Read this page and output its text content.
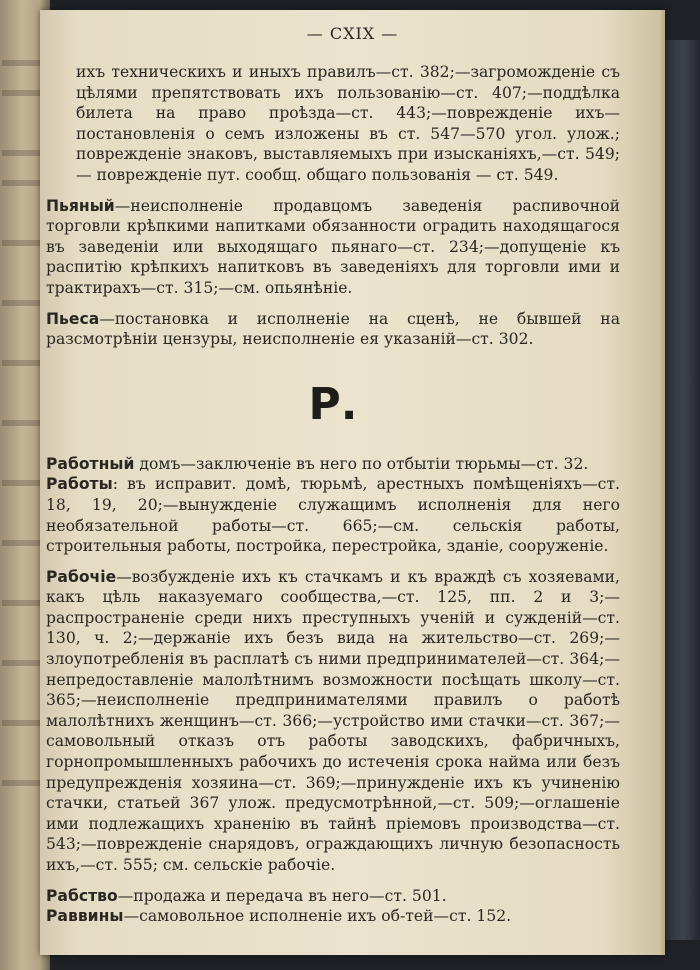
— CXIX —

ихъ техническихъ и иныхъ правилъ—ст. 382;—загроможденіе съ цѣлями препятствовать ихъ пользованію—ст. 407;—поддѣлка билета на право проѣзда—ст. 443;—поврежденіе ихъ—постановленія о семъ изложены въ ст. 547—570 угол. улож.; поврежденіе знаковъ, выставляемыхъ при изысканіяхъ,—ст. 549; — поврежденіе пут. сообщ. общаго пользованія — ст. 549.

Пьяный—неисполненіе продавцомъ заведенія распивочной торговли крѣпкими напитками обязанности оградить находящагося въ заведеніи или выходящаго пьянаго—ст. 234;—допущеніе къ распитію крѣпкихъ напитковъ въ заведеніяхъ для торговли ими и трактирахъ—ст. 315;—см. опьянѣніе.

Пьеса—постановка и исполненіе на сценѣ, не бывшей на разсмотрѣніи цензуры, неисполненіе ея указаній—ст. 302.

Р.

Работный домъ—заключеніе въ него по отбытіи тюрьмы—ст. 32.

Работы: въ исправит. домѣ, тюрьмѣ, арестныхъ помѣщеніяхъ—ст. 18, 19, 20;—вынужденіе служащимъ исполненія для него необязательной работы—ст. 665;—см. сельскія работы, строительныя работы, постройка, перестройка, зданіе, сооруженіе.

Рабочіе—возбужденіе ихъ къ стачкамъ и къ враждѣ съ хозяевами, какъ цѣль наказуемаго сообщества,—ст. 125, пп. 2 и 3;—распространеніе среди нихъ преступныхъ ученій и сужденій—ст. 130, ч. 2;—держаніе ихъ безъ вида на жительство—ст. 269;—злоупотребленія въ расплатѣ съ ними предпринимателей—ст. 364;—непредоставленіе малолѣтнимъ возможности посѣщать школу—ст. 365;—неисполненіе предпринимателями правилъ о работѣ малолѣтнихъ женщинъ—ст. 366;—устройство ими стачки—ст. 367;—самовольный отказъ отъ работы заводскихъ, фабричныхъ, горнопромышленныхъ рабочихъ до истеченія срока найма или безъ предупрежденія хозяина—ст. 369;—принужденіе ихъ къ учиненію стачки, статьей 367 улож. предусмотрѣнной,—ст. 509;—оглашеніе ими подлежащихъ храненію въ тайнѣ пріемовъ производства—ст. 543;—поврежденіе снарядовъ, ограждающихъ личную безопасность ихъ,—ст. 555; см. сельскіе рабочіе.

Рабство—продажа и передача въ него—ст. 501.

Раввины—самовольное исполненіе ихъ об-тей—ст. 152.
